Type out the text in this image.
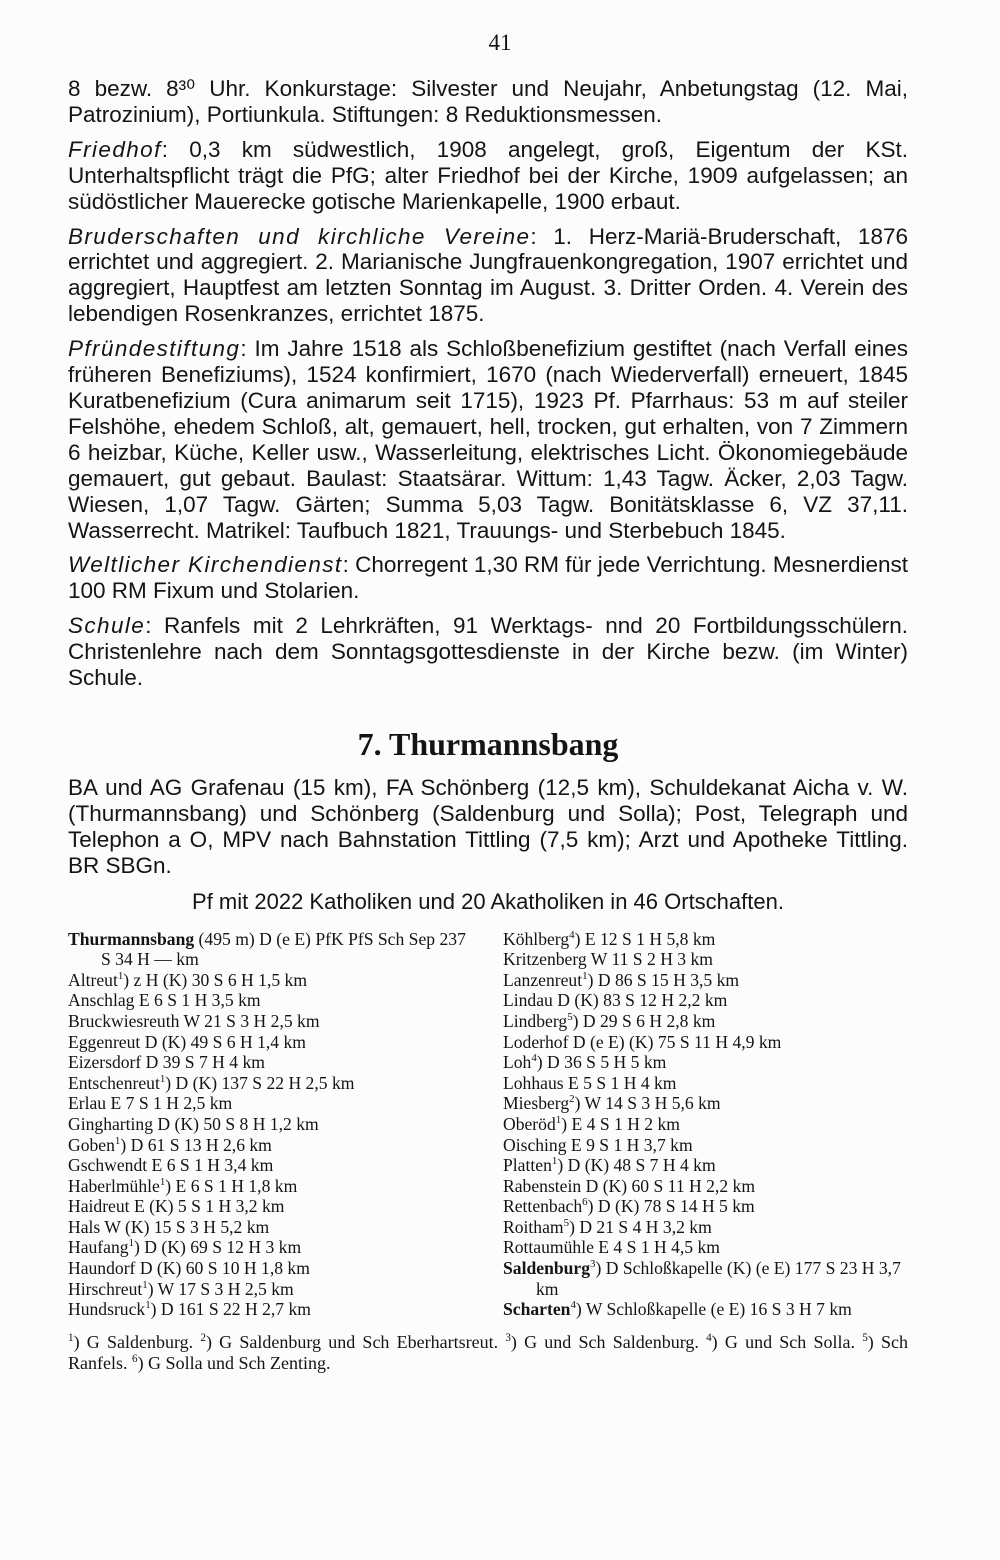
41

8 bezw. 8³⁰ Uhr. Konkurstage: Silvester und Neujahr, Anbetungstag (12. Mai, Patrozinium), Portiunkula. Stiftungen: 8 Reduktionsmessen.

Friedhof: 0,3 km südwestlich, 1908 angelegt, groß, Eigentum der KSt. Unterhaltspflicht trägt die PfG; alter Friedhof bei der Kirche, 1909 aufgelassen; an südöstlicher Mauerecke gotische Marienkapelle, 1900 erbaut.

Bruderschaften und kirchliche Vereine: 1. Herz-Mariä-Bruderschaft, 1876 errichtet und aggregiert. 2. Marianische Jungfrauenkongregation, 1907 errichtet und aggregiert, Hauptfest am letzten Sonntag im August. 3. Dritter Orden. 4. Verein des lebendigen Rosenkranzes, errichtet 1875.

Pfründestiftung: Im Jahre 1518 als Schloßbenefizium gestiftet (nach Verfall eines früheren Benefiziums), 1524 konfirmiert, 1670 (nach Wiederverfall) erneuert, 1845 Kuratbenefizium (Cura animarum seit 1715), 1923 Pf. Pfarrhaus: 53 m auf steiler Felshöhe, ehedem Schloß, alt, gemauert, hell, trocken, gut erhalten, von 7 Zimmern 6 heizbar, Küche, Keller usw., Wasserleitung, elektrisches Licht. Ökonomiegebäude gemauert, gut gebaut. Baulast: Staatsärar. Wittum: 1,43 Tagw. Äcker, 2,03 Tagw. Wiesen, 1,07 Tagw. Gärten; Summa 5,03 Tagw. Bonitätsklasse 6, VZ 37,11. Wasserrecht. Matrikel: Taufbuch 1821, Trauungs- und Sterbebuch 1845.

Weltlicher Kirchendienst: Chorregent 1,30 RM für jede Verrichtung. Mesnerdienst 100 RM Fixum und Stolarien.

Schule: Ranfels mit 2 Lehrkräften, 91 Werktags- nnd 20 Fortbildungsschülern. Christenlehre nach dem Sonntagsgottesdienste in der Kirche bezw. (im Winter) Schule.

7. Thurmannsbang

BA und AG Grafenau (15 km), FA Schönberg (12,5 km), Schuldekanat Aicha v. W. (Thurmannsbang) und Schönberg (Saldenburg und Solla); Post, Telegraph und Telephon a O, MPV nach Bahnstation Tittling (7,5 km); Arzt und Apotheke Tittling. BR SBGn.

Pf mit 2022 Katholiken und 20 Akatholiken in 46 Ortschaften.

Thurmannsbang (495 m) D (e E) PfK PfS Sch Sep 237 S 34 H — km
Altreut$^1$) z H (K) 30 S 6 H 1,5 km
Anschlag E 6 S 1 H 3,5 km
Bruckwiesreuth W 21 S 3 H 2,5 km
Eggenreut D (K) 49 S 6 H 1,4 km
Eizersdorf D 39 S 7 H 4 km
Entschenreut$^1$) D (K) 137 S 22 H 2,5 km
Erlau E 7 S 1 H 2,5 km
Gingharting D (K) 50 S 8 H 1,2 km
Goben$^1$) D 61 S 13 H 2,6 km
Gschwendt E 6 S 1 H 3,4 km
Haberlmühle$^1$) E 6 S 1 H 1,8 km
Haidreut E (K) 5 S 1 H 3,2 km
Hals W (K) 15 S 3 H 5,2 km
Haufang$^1$) D (K) 69 S 12 H 3 km
Haundorf D (K) 60 S 10 H 1,8 km
Hirschreut$^1$) W 17 S 3 H 2,5 km
Hundsruck$^1$) D 161 S 22 H 2,7 km
Köhlberg$^4$) E 12 S 1 H 5,8 km
Kritzenberg W 11 S 2 H 3 km
Lanzenreut$^1$) D 86 S 15 H 3,5 km
Lindau D (K) 83 S 12 H 2,2 km
Lindberg$^5$) D 29 S 6 H 2,8 km
Loderhof D (e E) (K) 75 S 11 H 4,9 km
Loh$^4$) D 36 S 5 H 5 km
Lohhaus E 5 S 1 H 4 km
Miesberg$^2$) W 14 S 3 H 5,6 km
Oberöd$^1$) E 4 S 1 H 2 km
Oisching E 9 S 1 H 3,7 km
Platten$^1$) D (K) 48 S 7 H 4 km
Rabenstein D (K) 60 S 11 H 2,2 km
Rettenbach$^6$) D (K) 78 S 14 H 5 km
Roitham$^5$) D 21 S 4 H 3,2 km
Rottaumühle E 4 S 1 H 4,5 km
Saldenburg$^3$) D Schloßkapelle (K) (e E) 177 S 23 H 3,7 km
Scharten$^4$) W Schloßkapelle (e E) 16 S 3 H 7 km
$^1$) G Saldenburg. $^2$) G Saldenburg und Sch Eberhartsreut. $^3$) G und Sch Saldenburg. $^4$) G und Sch Solla. $^5$) Sch Ranfels. $^6$) G Solla und Sch Zenting.
